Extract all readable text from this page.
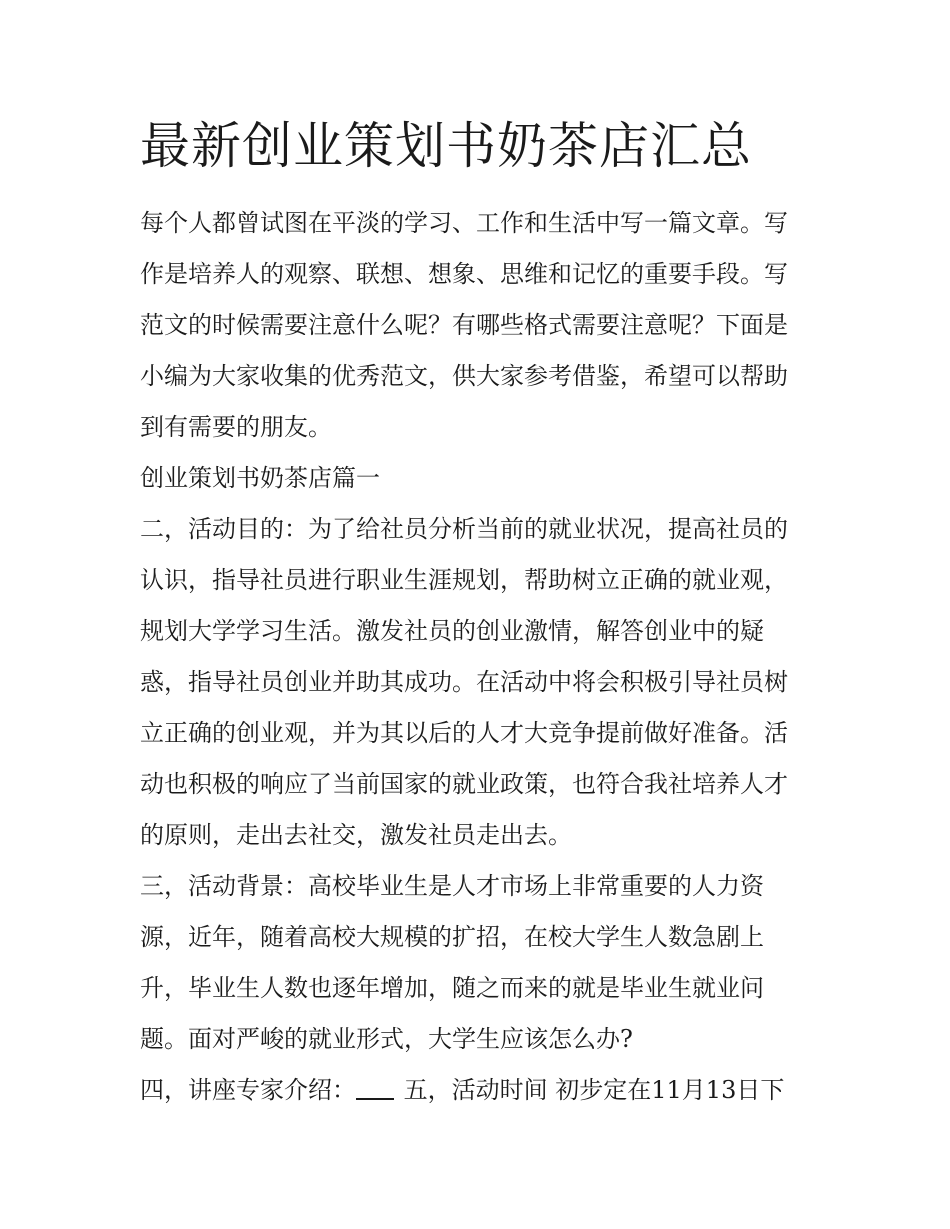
最新创业策划书奶茶店汇总
每个人都曾试图在平淡的学习、工作和生活中写一篇文章。写
作是培养人的观察、联想、想象、思维和记忆的重要手段。写
范文的时候需要注意什么呢？有哪些格式需要注意呢？下面是
小编为大家收集的优秀范文，供大家参考借鉴，希望可以帮助
到有需要的朋友。
创业策划书奶茶店篇一
二，活动目的：为了给社员分析当前的就业状况，提高社员的
认识，指导社员进行职业生涯规划，帮助树立正确的就业观，
规划大学学习生活。激发社员的创业激情，解答创业中的疑
惑，指导社员创业并助其成功。在活动中将会积极引导社员树
立正确的创业观，并为其以后的人才大竞争提前做好准备。活
动也积极的响应了当前国家的就业政策，也符合我社培养人才
的原则，走出去社交，激发社员走出去。
三，活动背景：高校毕业生是人才市场上非常重要的人力资
源，近年，随着高校大规模的扩招，在校大学生人数急剧上
升，毕业生人数也逐年增加，随之而来的就是毕业生就业问
题。面对严峻的就业形式，大学生应该怎么办?
四，讲座专家介绍： 五，活动时间 初步定在11月13日下
